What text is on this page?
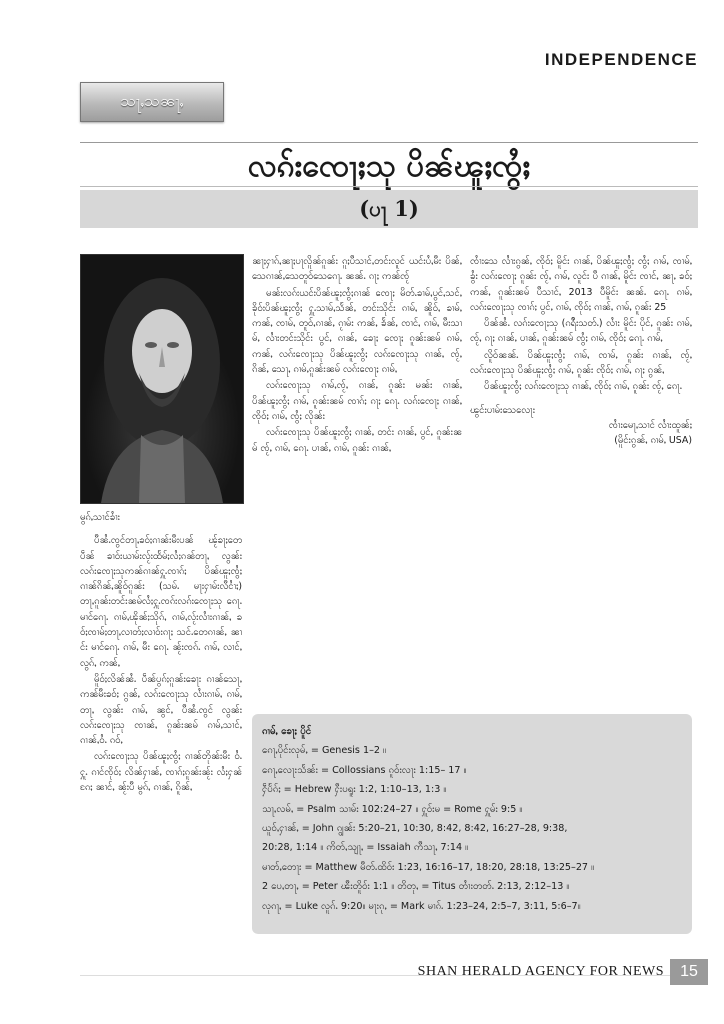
INDEPENDENCE
သႃႇသၼႃႇ
လၵ်းၸေႃႈသု ပိၼ်ၽူႈၸွႆႈ
(ပႃ 1)

မွၵ်ႇသၢင်ၶၢႆး

ပီၼႆႉၸွင်တႃႇၶဝ်ႈၵၢၼ်းမီးပၼ် ၽႂ်ၶႃႈတေပဵၼ် ၶၢဝ်းယၢမ်းလႂ်းထႅမ်ႈလႆႈၵၼ်တႃႇ လွၼ်းလၵ်းၸေႃႈသုဢၼ်ၵၢၼ်ႁူႉၸၢၵ်ႈ ပိၼ်ၽူႈၸွႆႈ ၵၢၼ်ၵိၼ်ႇၼိူဝ်ၵူၼ်း (သမ်ႉ မႃးႁၢမ်းလီငၢႆႈ) တႃႇၵူၼ်းတင်းၼမ်လႆႈႁူႉၸၵ်းလၵ်းၸေႃႈသု ၵေႃႉ မၢင်ၵေႃႉ ၵၢမ်ႇၽိုၼ်ႈသိုၵ်ႇ ၵၢမ်ႇလႂ်းလၢႆးၵၢၼ်ႇ ၶဝ်ႈၸၢမ်ႈတႃႇလၢတ်ႈလၢဝ်းၵႃႈ သင်ႉတေၵၢၼ်ႇ ၼၢင်း မၢင်ၵေႃႉ ၵၢမ်ႇ မီး ၵေႃႉ ၼႂ်းၸၵ်ႉ ၵၢမ်ႇ လၢင်ႇလွၵ်ႇ ဢၼ်ႇ

မိူဝ်ႈလိၼ်ၼႆႉ ပဵၼ်ပွၵ်ႈၵူၼ်းၶေႃး ၵၢၼ်သေႃႇ ဢၼ်မီးၶဝ်ႈ ၵွၼ်ႇ လၵ်းၸေႃႈသု လၢႆးၵၢမ်ႇ ၵၢမ်ႇတႃႇ လွၼ်း ၵၢမ်ႇ ၼွင်ႇ ပီၼႆႉၸွင် လွၼ်းလၵ်းၸေႃႈသု ၸၢၼ်ႇ ၵူၼ်းၼမ် ၵၢမ်ႇသၢင်ႇ ၵၢၼ်ႇဝႆႉ ၵဝ်ႇ

လၵ်းၸေႃႈသု ပိၼ်ၽူႈၸွႆႈ ၵၢၼ်တိုၼ်းမီး ဝႆႉ ႁူႉ ၵၢင်ၸိုဝ်ႈ လိၼ်ႁၢၼ်ႇ ၸၢၵ်ႈၵူၼ်းၼႂ်း လႆႈႁၼ် ၵႄႈ ၼၢင်ႇ ၼႂ်းပီ မွၵ်ႇ ၵၢၼ်ႇ ၵိူၼ်ႇ

ၼႃႈႁၢၵ်ႇၼႃႈပႃလိူၼ်ၵူၼ်း ၵူႈပီသၢင်ႇတင်းလူင် ယင်းပႆႇမီး ပိၼ်ႇ သေၵၢၼ်ႇသေတူဝ်သေၵေႃႉ ၼၼ်ႉ ၵႃႈ ဢၼ်ၸႂ်

မၼ်းလၵ်းယင်းပိၼ်ၽူႈၸွႆႈၵၢၼ် ၸေႃႈ မိတ်ႉၶၢမ်ႇပွင်ႇသင်ႇ ၶိုဝ်းပိၼ်ၽူႈၸွႆႈ ႁူႉသၢမ်ႇသႅၼ်ႇ တင်းသိုင်း ၵၢမ်ႇ ၼိူဝ်ႇ ၶၢမ်ႇ ဢၼ်ႇ ၸၢမ်ႇ တူဝ်ႇၵၢၼ်ႇ ၵႂၢမ်း ဢၼ်ႇ ၶႅၼ်ႇ ၸၢင်ႇ ၵၢမ်ႇ မီးသၢမ်ႇ လၢႆးတင်းသိုင်း ပွင်ႇ ၵၢၼ်ႇ ၶေႃႈ ၸေႃႈ ၵူၼ်းၼမ် ၵၢမ်ႇ ဢၼ်ႇ လၵ်းၸေႃႈသု ပိၼ်ၽူႈၸွႆႈ လၵ်းၸေႃႈသု ၵၢၼ်ႇ ၸႂ်ႇ ၵိၼ်ႇ သေႃႇ ၵၢမ်ႇၵူၼ်းၼမ် လၵ်းၸေႃႈ ၵၢမ်ႇ

လၵ်းၸေႃႈသု ၵၢမ်ႇၸႂ်ႇ ၵၢၼ်ႇ ၵူၼ်း မၼ်း ၵၢၼ်ႇ ပိၼ်ၽူႈၸွႆႈ ၵၢမ်ႇ ၵူၼ်းၼမ် ၸၢၵ်ႈ ၵႃႈ ၵေႃႉ လၵ်းၸေႃႈ ၵၢၼ်ႇ ၸိုဝ်ႈ ၵၢမ်ႇ ၸွႆႈ လိုၼ်း

လၵ်းၸေႃႈသု ပိၼ်ၽူႈၸွႆႈ ၵၢၼ်ႇ တင်း ၵၢၼ်ႇ ပွင်ႇ ၵူၼ်းၼမ် ၸႂ်ႇ ၵၢမ်ႇ ၵေႃႉ ပၢၼ်ႇ ၵၢမ်ႇ ၵူၼ်း ၵၢၼ်ႇ

ၸၢႆးသေ လၢႆးၵွၼ်ႇ ၸိုဝ်ႈ မိူင်း ၵၢၼ်ႇ ပိၼ်ၽူႈၸွႆႈ ၸွႆႈ ၵၢမ်ႇ ၸၢမ်ႇ ၶွႆး လၵ်းၸေႃႈ ၵူၼ်း ၸႂ်ႇ ၵၢမ်ႇ လူင်း ပီ ၵၢၼ်ႇ မိူင်း ၸၢင်ႇ ၼႃႇ ၶဝ်ႈ ဢၼ်ႇ ၵူၼ်းၼမ် ပီသၢင်ႇ 2013 ပီမိူင်း ၼၼ်ႉ ၵေႃႉ ၵၢမ်ႇ လၵ်းၸေႃႈသု ၸၢၵ်ႈ ပွင်ႇ ၵၢမ်ႇ ၸိုဝ်ႈ ၵၢၼ်ႇ ၵၢမ်ႇ ၵူၼ်း 25

ပိၼ်ၼႆႉ လၵ်းၸေႃႈသု (ၵရိႆးသတ်ႉ) လၢႆး မိူင်း ပိုင်ႇ ၵူၼ်း ၵၢမ်ႇ ၸႂ်ႇ ၵႃႈ ၵၢၼ်ႇ ပၢၼ်ႇ ၵူၼ်းၼမ် ၸွႆႈ ၵၢမ်ႇ ၸိုဝ်ႈ ၵေႃႉ ၵၢမ်ႇ

လိူဝ်ၼၼ်ႉ ပိၼ်ၽူႈၸွႆႈ ၵၢမ်ႇ ၸၢမ်ႇ ၵူၼ်း ၵၢၼ်ႇ ၸႂ်ႇ လၵ်းၸေႃႈသု ပိၼ်ၽူႈၸွႆႈ ၵၢမ်ႇ ၵူၼ်း ၸိုဝ်ႈ ၵၢမ်ႇ ၵႃႈ ၵွၼ်ႇ

ပိၼ်ၽူႈၸွႆႈ လၵ်းၸေႃႈသု ၵၢၼ်ႇ ၸိုဝ်ႈ ၵၢမ်ႇ ၵူၼ်း ၸႂ်ႇ ၵေႃႉ

ၽွင်းပၢမ်းသေလေႃး
ၸၢႆးမေႃႇသၢင် လၢႆးထူၼ်ႈ
(မိူင်းၵွၼ်ႇ ၵၢမ်ႇ USA)
ၵၢမ်ႇ ၶေႃႈ ပိူင်
ၵေႃႇပိုင်းလုမ်ႇ = Genesis 1–2 ။
ၵေႃႇလေႃးသႅၼ်း = Collossians ၵူဝ်းလႃး 1:15– 17 ။
ႁဵပႅၵ်ႈ = Hebrew ႁီးပရူး 1:2, 1:10–13, 1:3 ။
သႃႇလမ်ႇ = Psalm သၢမ်း 102:24–27 ။ ႁူဝ်းမ = Rome ႁူမ်း 9:5 ။
ယူဝ်ႇႁၢၼ်ႇ = John ၵျွၼ်း 5:20–21, 10:30, 8:42, 8:42, 16:27–28, 9:38,
20:28, 1:14 ။ ဢိတ်ႇသျႃႇ = Issaiah ဢီသႃႇ 7:14 ။
မၢတ်ႇတေႃး = Matthew မီတ်ႉထိဝ်း 1:23, 16:16–17, 18:20, 28:18, 13:25–27 ။
2 ပေႇတႃႇ = Peter ၽီးတိူဝ်း 1:1 ။ တိတုႇ = Titus တၢႆးတတ်ႉ 2:13, 2:12–13 ။
လုၵႃႇ = Luke လူၵ်ႉ 9:20။ မႃးၵုႇ = Mark မၢၵ်ႉ 1:23–24, 2:5–7, 3:11, 5:6–7။
SHAN HERALD AGENCY FOR NEWS	15
